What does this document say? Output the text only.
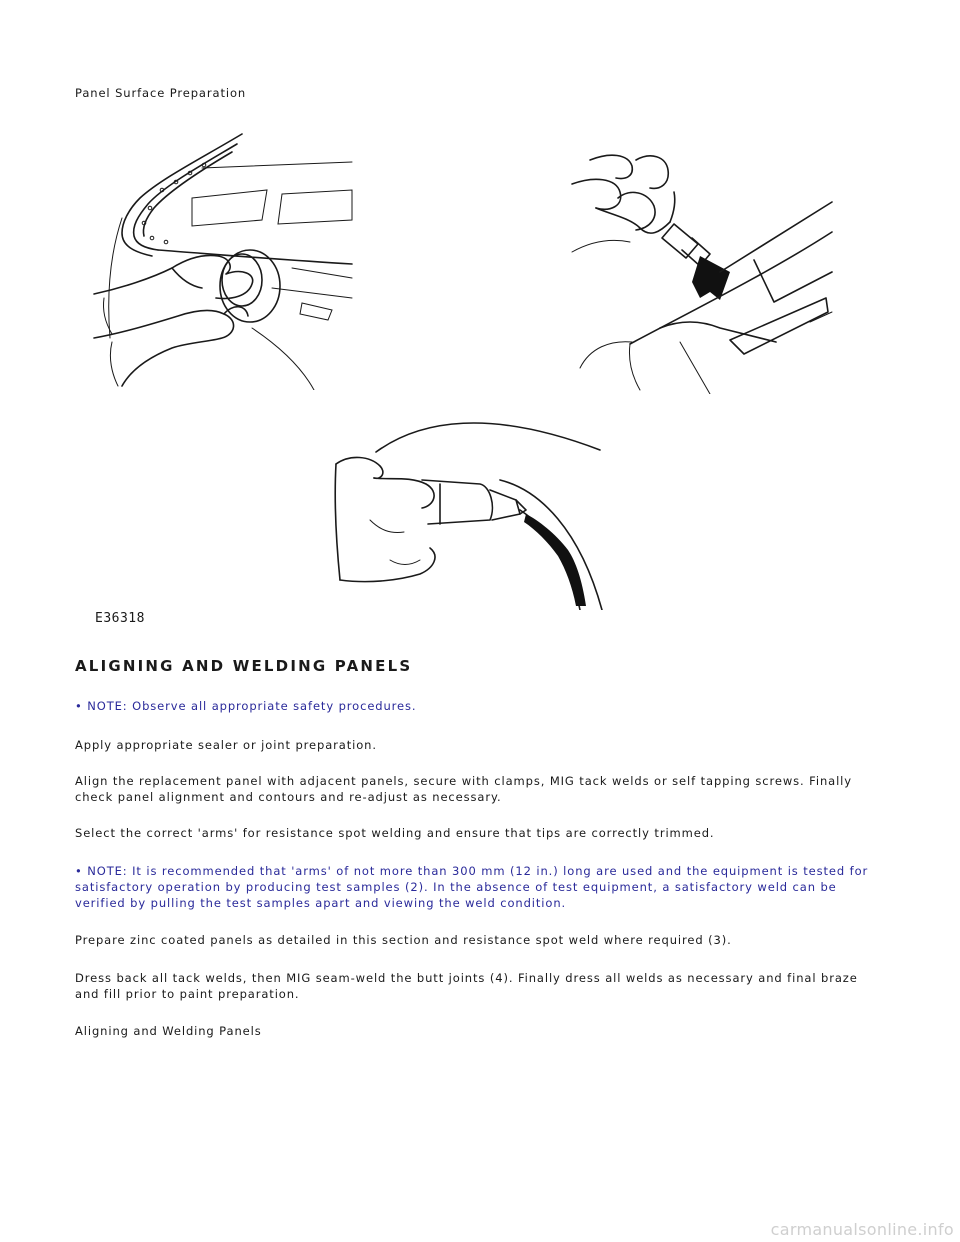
Panel Surface Preparation
E36318
ALIGNING AND WELDING PANELS
• NOTE: Observe all appropriate safety procedures.
Apply appropriate sealer or joint preparation.
Align the replacement panel with adjacent panels, secure with clamps, MIG tack welds or self tapping screws. Finally check panel alignment and contours and re-adjust as necessary.
Select the correct 'arms' for resistance spot welding and ensure that tips are correctly trimmed.
• NOTE: It is recommended that 'arms' of not more than 300 mm (12 in.) long are used and the equipment is tested for satisfactory operation by producing test samples (2). In the absence of test equipment, a satisfactory weld can be verified by pulling the test samples apart and viewing the weld condition.
Prepare zinc coated panels as detailed in this section and resistance spot weld where required (3).
Dress back all tack welds, then MIG seam-weld the butt joints (4). Finally dress all welds as necessary and final braze and fill prior to paint preparation.
Aligning and Welding Panels
carmanualsonline.info
